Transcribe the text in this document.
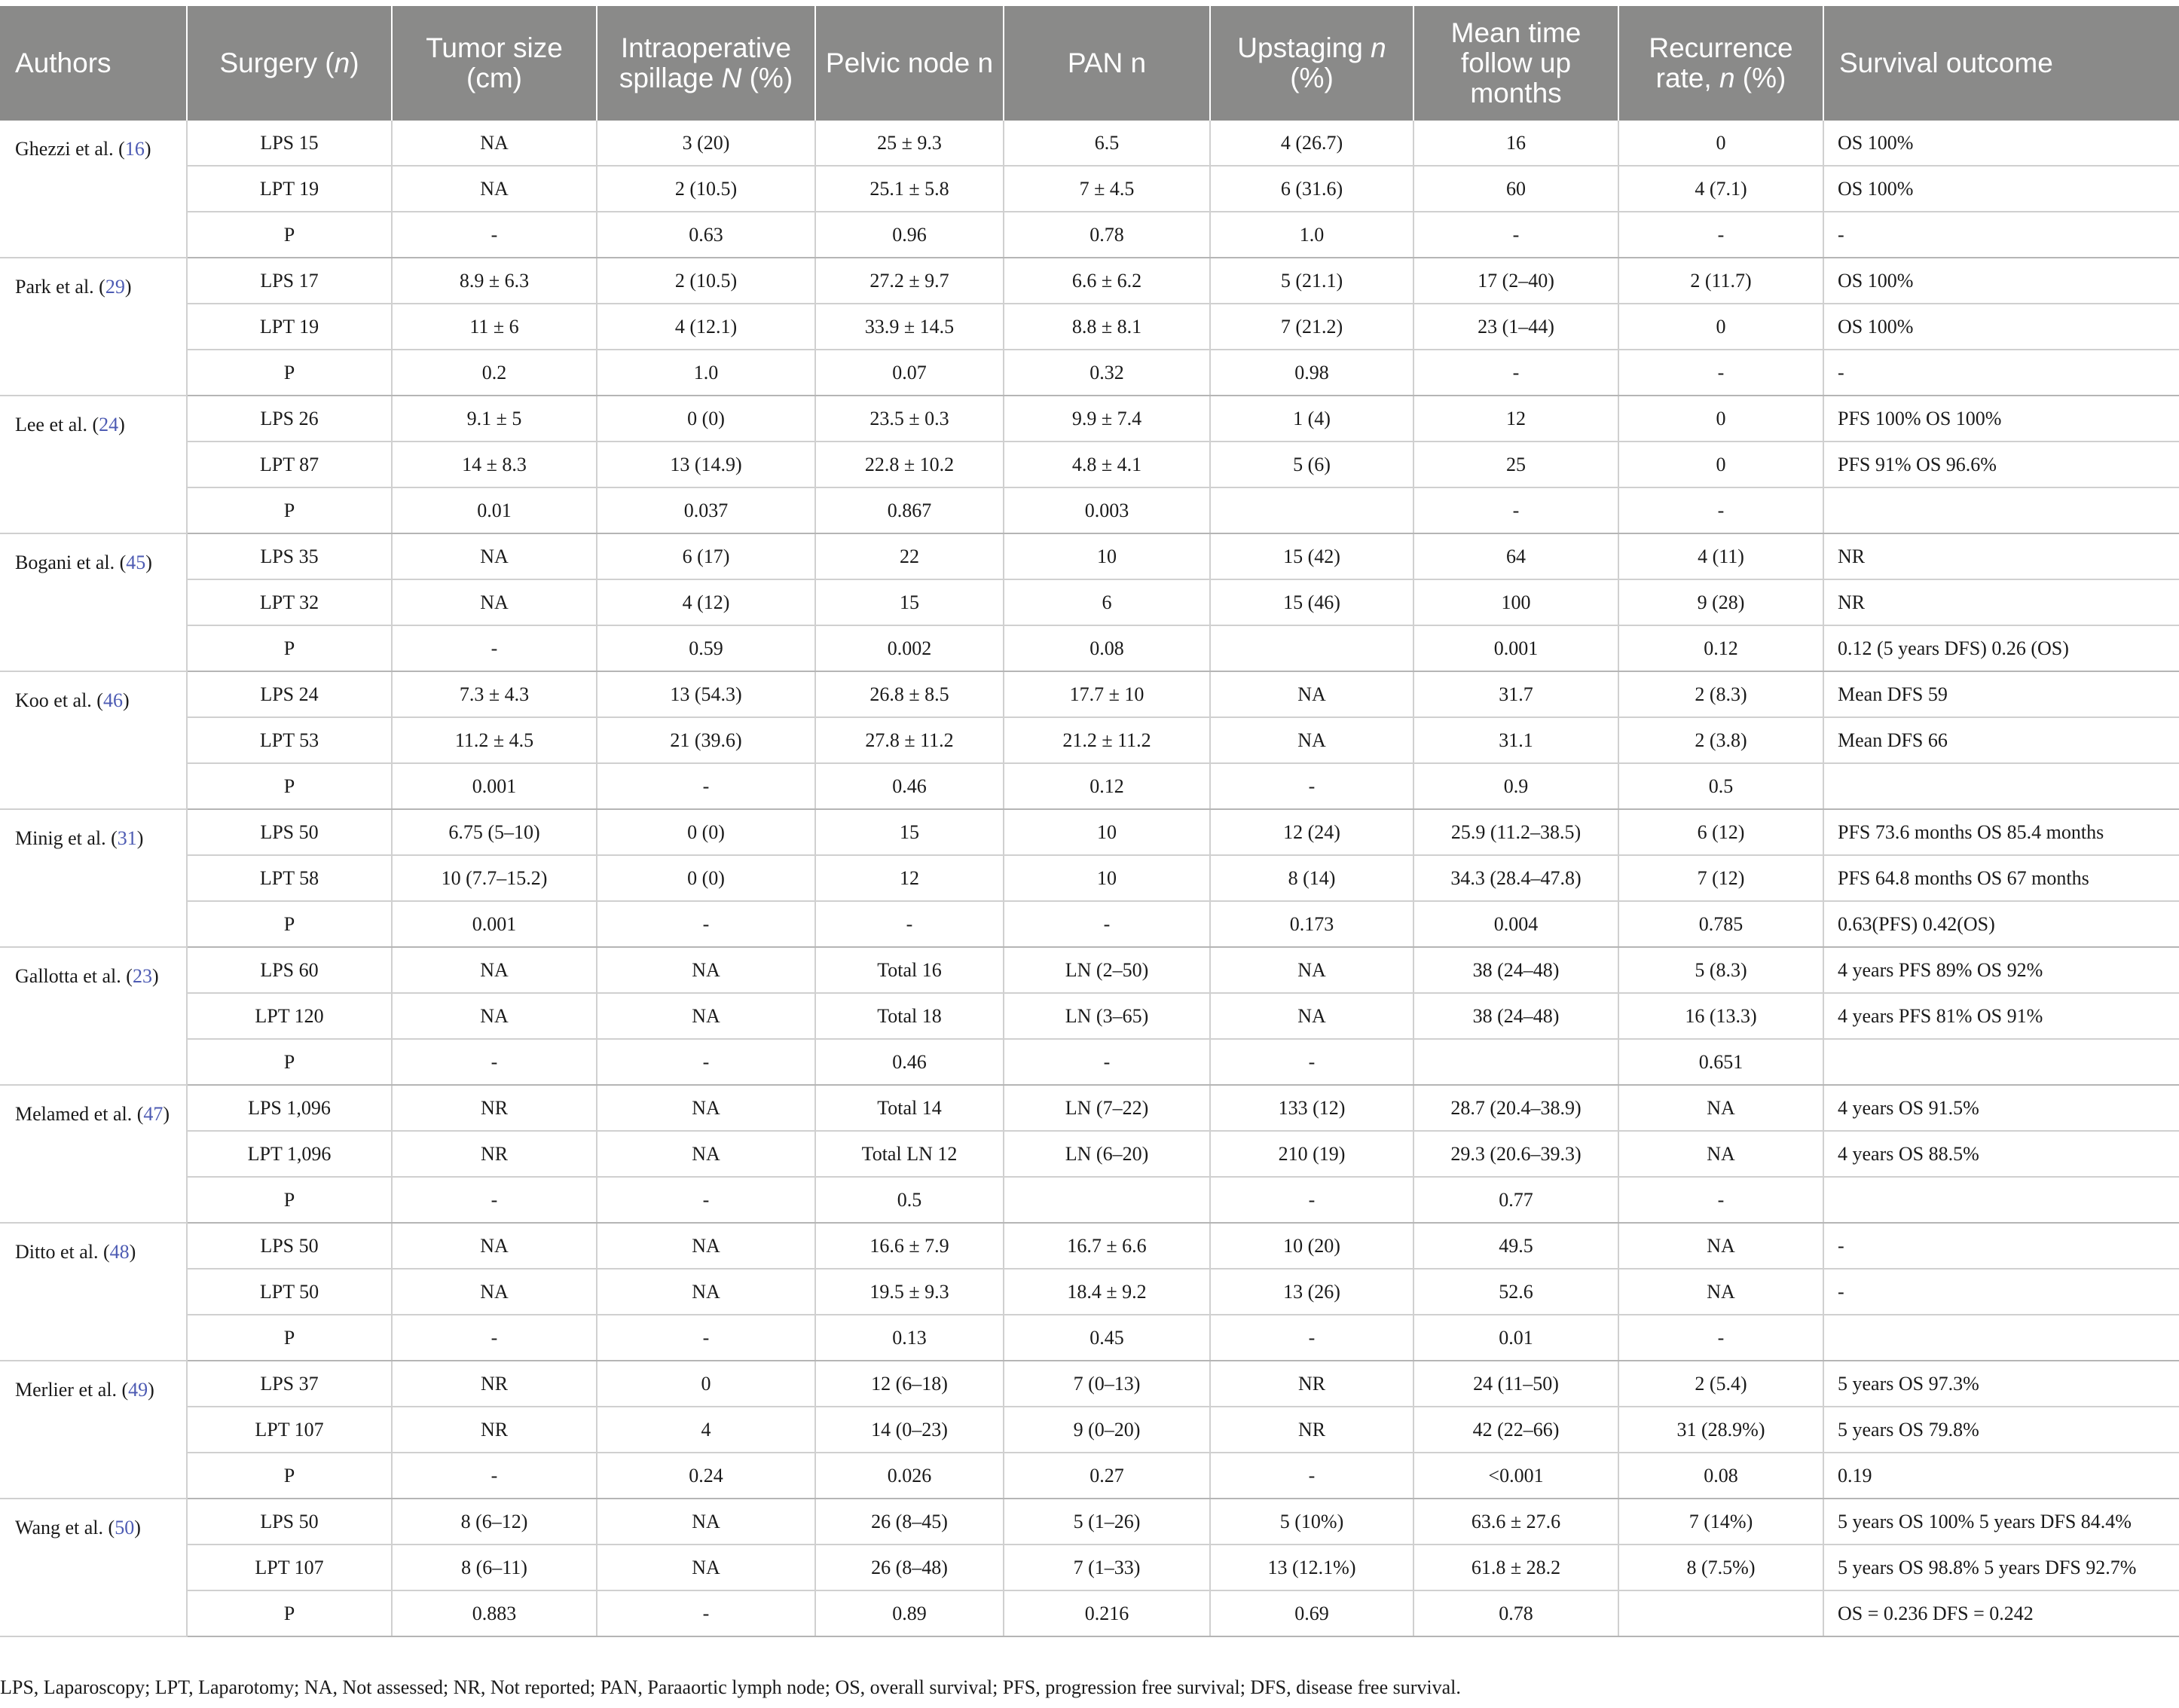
Authors	Surgery (n)	Tumor size (cm)	Intraoperative spillage N (%)	Pelvic node n	PAN n	Upstaging n (%)	Mean time follow up months	Recurrence rate, n (%)	Survival outcome
Ghezzi et al. (16)	LPS 15	NA	3 (20)	25 ± 9.3	6.5	4 (26.7)	16	0	OS 100%
	LPT 19	NA	2 (10.5)	25.1 ± 5.8	7 ± 4.5	6 (31.6)	60	4 (7.1)	OS 100%
	P	-	0.63	0.96	0.78	1.0	-	-	-
Park et al. (29)	LPS 17	8.9 ± 6.3	2 (10.5)	27.2 ± 9.7	6.6 ± 6.2	5 (21.1)	17 (2–40)	2 (11.7)	OS 100%
	LPT 19	11 ± 6	4 (12.1)	33.9 ± 14.5	8.8 ± 8.1	7 (21.2)	23 (1–44)	0	OS 100%
	P	0.2	1.0	0.07	0.32	0.98	-	-	-
Lee et al. (24)	LPS 26	9.1 ± 5	0 (0)	23.5 ± 0.3	9.9 ± 7.4	1 (4)	12	0	PFS 100% OS 100%
	LPT 87	14 ± 8.3	13 (14.9)	22.8 ± 10.2	4.8 ± 4.1	5 (6)	25	0	PFS 91% OS 96.6%
	P	0.01	0.037	0.867	0.003		-	-	
Bogani et al. (45)	LPS 35	NA	6 (17)	22	10	15 (42)	64	4 (11)	NR
	LPT 32	NA	4 (12)	15	6	15 (46)	100	9 (28)	NR
	P	-	0.59	0.002	0.08		0.001	0.12	0.12 (5 years DFS) 0.26 (OS)
Koo et al. (46)	LPS 24	7.3 ± 4.3	13 (54.3)	26.8 ± 8.5	17.7 ± 10	NA	31.7	2 (8.3)	Mean DFS 59
	LPT 53	11.2 ± 4.5	21 (39.6)	27.8 ± 11.2	21.2 ± 11.2	NA	31.1	2 (3.8)	Mean DFS 66
	P	0.001	-	0.46	0.12	-	0.9	0.5	
Minig et al. (31)	LPS 50	6.75 (5–10)	0 (0)	15	10	12 (24)	25.9 (11.2–38.5)	6 (12)	PFS 73.6 months OS 85.4 months
	LPT 58	10 (7.7–15.2)	0 (0)	12	10	8 (14)	34.3 (28.4–47.8)	7 (12)	PFS 64.8 months OS 67 months
	P	0.001	-	-	-	0.173	0.004	0.785	0.63(PFS) 0.42(OS)
Gallotta et al. (23)	LPS 60	NA	NA	Total 16	LN (2–50)	NA	38 (24–48)	5 (8.3)	4 years PFS 89% OS 92%
	LPT 120	NA	NA	Total 18	LN (3–65)	NA	38 (24–48)	16 (13.3)	4 years PFS 81% OS 91%
	P	-	-	0.46	-	-		0.651	
Melamed et al. (47)	LPS 1,096	NR	NA	Total 14	LN (7–22)	133 (12)	28.7 (20.4–38.9)	NA	4 years OS 91.5%
	LPT 1,096	NR	NA	Total LN 12	LN (6–20)	210 (19)	29.3 (20.6–39.3)	NA	4 years OS 88.5%
	P	-	-	0.5		-	0.77	-	
Ditto et al. (48)	LPS 50	NA	NA	16.6 ± 7.9	16.7 ± 6.6	10 (20)	49.5	NA	-
	LPT 50	NA	NA	19.5 ± 9.3	18.4 ± 9.2	13 (26)	52.6	NA	-
	P	-	-	0.13	0.45	-	0.01	-	
Merlier et al. (49)	LPS 37	NR	0	12 (6–18)	7 (0–13)	NR	24 (11–50)	2 (5.4)	5 years OS 97.3%
	LPT 107	NR	4	14 (0–23)	9 (0–20)	NR	42 (22–66)	31 (28.9%)	5 years OS 79.8%
	P	-	0.24	0.026	0.27	-	<0.001	0.08	0.19
Wang et al. (50)	LPS 50	8 (6–12)	NA	26 (8–45)	5 (1–26)	5 (10%)	63.6 ± 27.6	7 (14%)	5 years OS 100% 5 years DFS 84.4%
	LPT 107	8 (6–11)	NA	26 (8–48)	7 (1–33)	13 (12.1%)	61.8 ± 28.2	8 (7.5%)	5 years OS 98.8% 5 years DFS 92.7%
	P	0.883	-	0.89	0.216	0.69	0.78		OS = 0.236 DFS = 0.242
LPS, Laparoscopy; LPT, Laparotomy; NA, Not assessed; NR, Not reported; PAN, Paraaortic lymph node; OS, overall survival; PFS, progression free survival; DFS, disease free survival.
